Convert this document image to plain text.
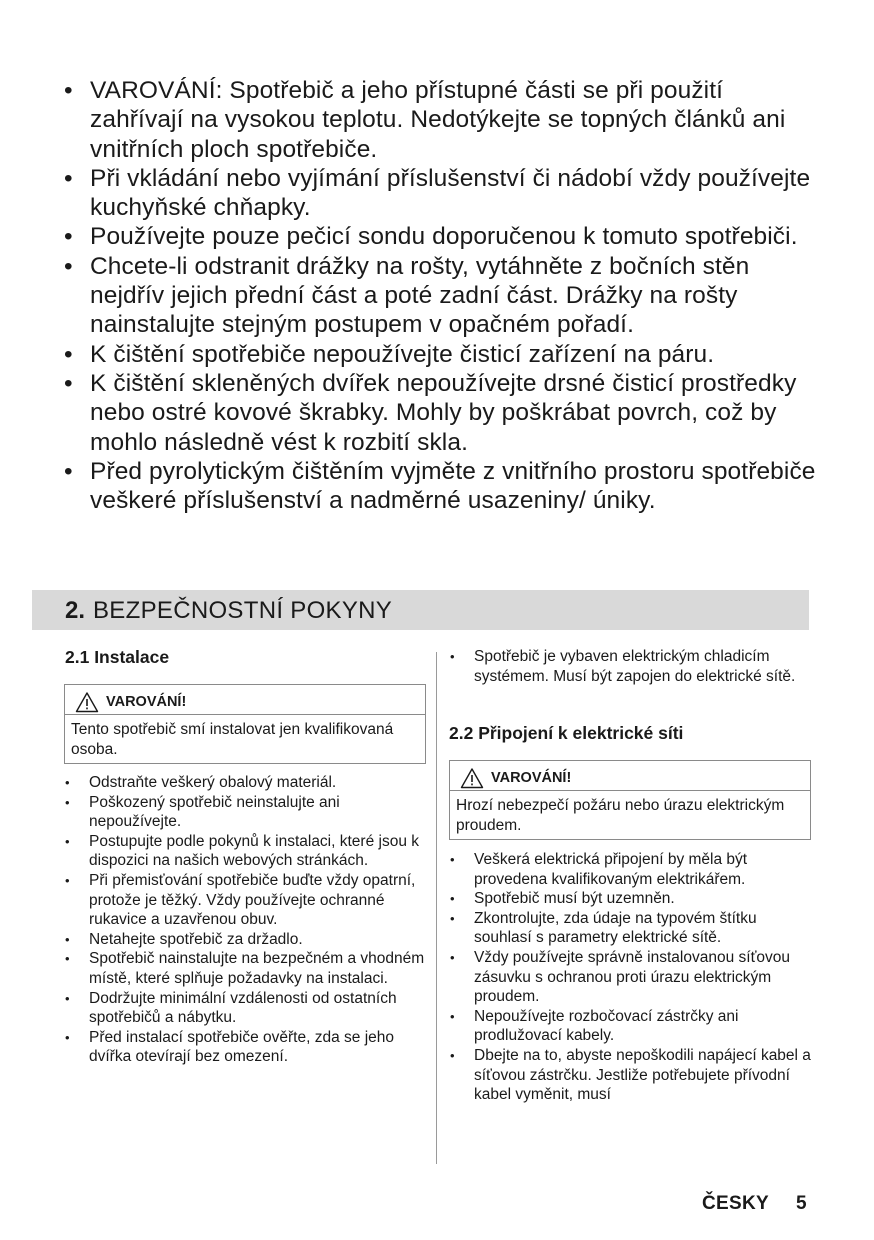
• VAROVÁNÍ: Spotřebič a jeho přístupné části se při použití zahřívají na vysokou teplotu. Nedotýkejte se topných článků ani vnitřních ploch spotřebiče.
• Při vkládání nebo vyjímání příslušenství či nádobí vždy používejte kuchyňské chňapky.
• Používejte pouze pečicí sondu doporučenou k tomuto spotřebiči.
• Chcete-li odstranit drážky na rošty, vytáhněte z bočních stěn nejdřív jejich přední část a poté zadní část. Drážky na rošty nainstalujte stejným postupem v opačném pořadí.
• K čištění spotřebiče nepoužívejte čisticí zařízení na páru.
• K čištění skleněných dvířek nepoužívejte drsné čisticí prostředky nebo ostré kovové škrabky. Mohly by poškrábat povrch, což by mohlo následně vést k rozbití skla.
• Před pyrolytickým čištěním vyjměte z vnitřního prostoru spotřebiče veškeré příslušenství a nadměrné usazeniny/ úniky.
2. BEZPEČNOSTNÍ POKYNY
2.1 Instalace
VAROVÁNÍ!
Tento spotřebič smí instalovat jen kvalifikovaná osoba.
• Odstraňte veškerý obalový materiál.
• Poškozený spotřebič neinstalujte ani nepoužívejte.
• Postupujte podle pokynů k instalaci, které jsou k dispozici na našich webových stránkách.
• Při přemisťování spotřebiče buďte vždy opatrní, protože je těžký. Vždy používejte ochranné rukavice a uzavřenou obuv.
• Netahejte spotřebič za držadlo.
• Spotřebič nainstalujte na bezpečném a vhodném místě, které splňuje požadavky na instalaci.
• Dodržujte minimální vzdálenosti od ostatních spotřebičů a nábytku.
• Před instalací spotřebiče ověřte, zda se jeho dvířka otevírají bez omezení.
• Spotřebič je vybaven elektrickým chladicím systémem. Musí být zapojen do elektrické sítě.
2.2 Připojení k elektrické síti
VAROVÁNÍ!
Hrozí nebezpečí požáru nebo úrazu elektrickým proudem.
• Veškerá elektrická připojení by měla být provedena kvalifikovaným elektrikářem.
• Spotřebič musí být uzemněn.
• Zkontrolujte, zda údaje na typovém štítku souhlasí s parametry elektrické sítě.
• Vždy používejte správně instalovanou síťovou zásuvku s ochranou proti úrazu elektrickým proudem.
• Nepoužívejte rozbočovací zástrčky ani prodlužovací kabely.
• Dbejte na to, abyste nepoškodili napájecí kabel a síťovou zástrčku. Jestliže potřebujete přívodní kabel vyměnit, musí
ČESKY 5
